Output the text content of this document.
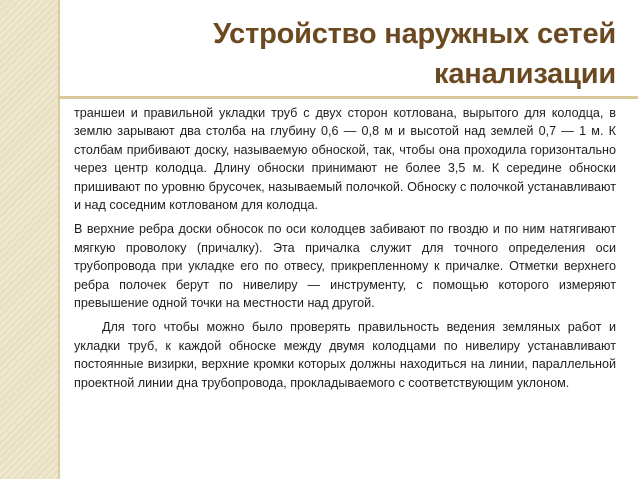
Устройство наружных сетей
канализации

траншеи и правильной укладки труб с двух сторон котлована, вырытого для колодца, в землю зарывают два столба на глубину 0,6 — 0,8 м и высотой над землей 0,7 — 1 м. К столбам прибивают доску, называемую обноской, так, чтобы она проходила горизонтально через центр колодца. Длину обноски принимают не более 3,5 м. К середине обноски пришивают по уровню брусочек, называемый полочкой. Обноску с полочкой устанавливают и над соседним котлованом для колодца.

В верхние ребра доски обносок по оси колодцев забивают по гвоздю и по ним натягивают мягкую проволоку (причалку). Эта причалка служит для точного определения оси трубопровода при укладке его по отвесу, прикрепленному к причалке. Отметки верхнего ребра полочек берут по нивелиру — инструменту, с помощью которого измеряют превышение одной точки на местности над другой.

Для того чтобы можно было проверять правильность ведения земляных работ и укладки труб, к каждой обноске между двумя колодцами по нивелиру устанавливают постоянные визирки, верхние кромки которых должны находиться на линии, параллельной проектной линии дна трубопровода, прокладываемого с соответствующим уклоном.
